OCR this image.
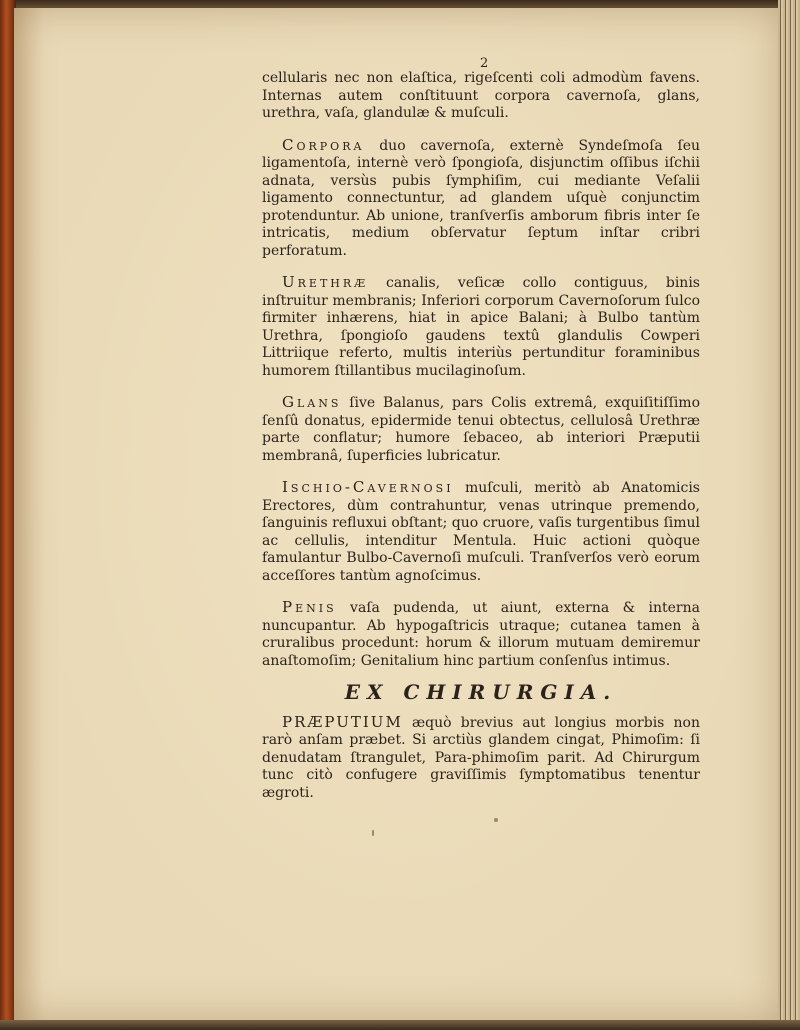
2

cellularis nec non elaſtica, rigeſcenti coli admodùm favens. Internas autem conſtituunt corpora cavernoſa, glans, urethra, vaſa, glandulæ & muſculi.

Corpora duo cavernoſa, externè Syndeſmoſa ſeu ligamentoſa, internè verò ſpongioſa, disjunctim oſſibus iſchii adnata, versùs pubis ſymphiſim, cui mediante Veſalii ligamento connectuntur, ad glandem uſquè conjunctim protenduntur. Ab unione, tranſverſis amborum fibris inter ſe intricatis, medium obſervatur ſeptum inſtar cribri perforatum.

Urethræ canalis, veſicæ collo contiguus, binis inſtruitur membranis; Inferiori corporum Cavernoſorum ſulco firmiter inhærens, hiat in apice Balani; à Bulbo tantùm Urethra, ſpongioſo gaudens textû glandulis Cowperi Littriique referto, multis interiùs pertunditur foraminibus humorem ſtillantibus mucilaginoſum.

Glans ſive Balanus, pars Colis extremâ, exquiſitiſſimo ſenſû donatus, epidermide tenui obtectus, cellulosâ Urethræ parte conflatur; humore ſebaceo, ab interiori Præputii membranâ, ſuperficies lubricatur.

Ischio-Cavernosi muſculi, meritò ab Anatomicis Erectores, dùm contrahuntur, venas utrinque premendo, ſanguinis refluxui obſtant; quo cruore, vaſis turgentibus ſimul ac cellulis, intenditur Mentula. Huic actioni quòque famulantur Bulbo-Cavernoſi muſculi. Tranſverſos verò eorum acceſſores tantùm agnoſcimus.

Penis vaſa pudenda, ut aiunt, externa & interna nuncupantur. Ab hypogaſtricis utraque; cutanea tamen à cruralibus procedunt: horum & illorum mutuam demiremur anaſtomoſim; Genitalium hinc partium conſenſus intimus.

EX CHIRURGIA.

PRÆPUTIUM æquò brevius aut longius morbis non rarò anſam præbet. Si arctiùs glandem cingat, Phimoſim: ſi denudatam ſtrangulet, Para-phimoſim parit. Ad Chirurgum tunc citò confugere graviſſimis ſymptomatibus tenentur ægroti.
